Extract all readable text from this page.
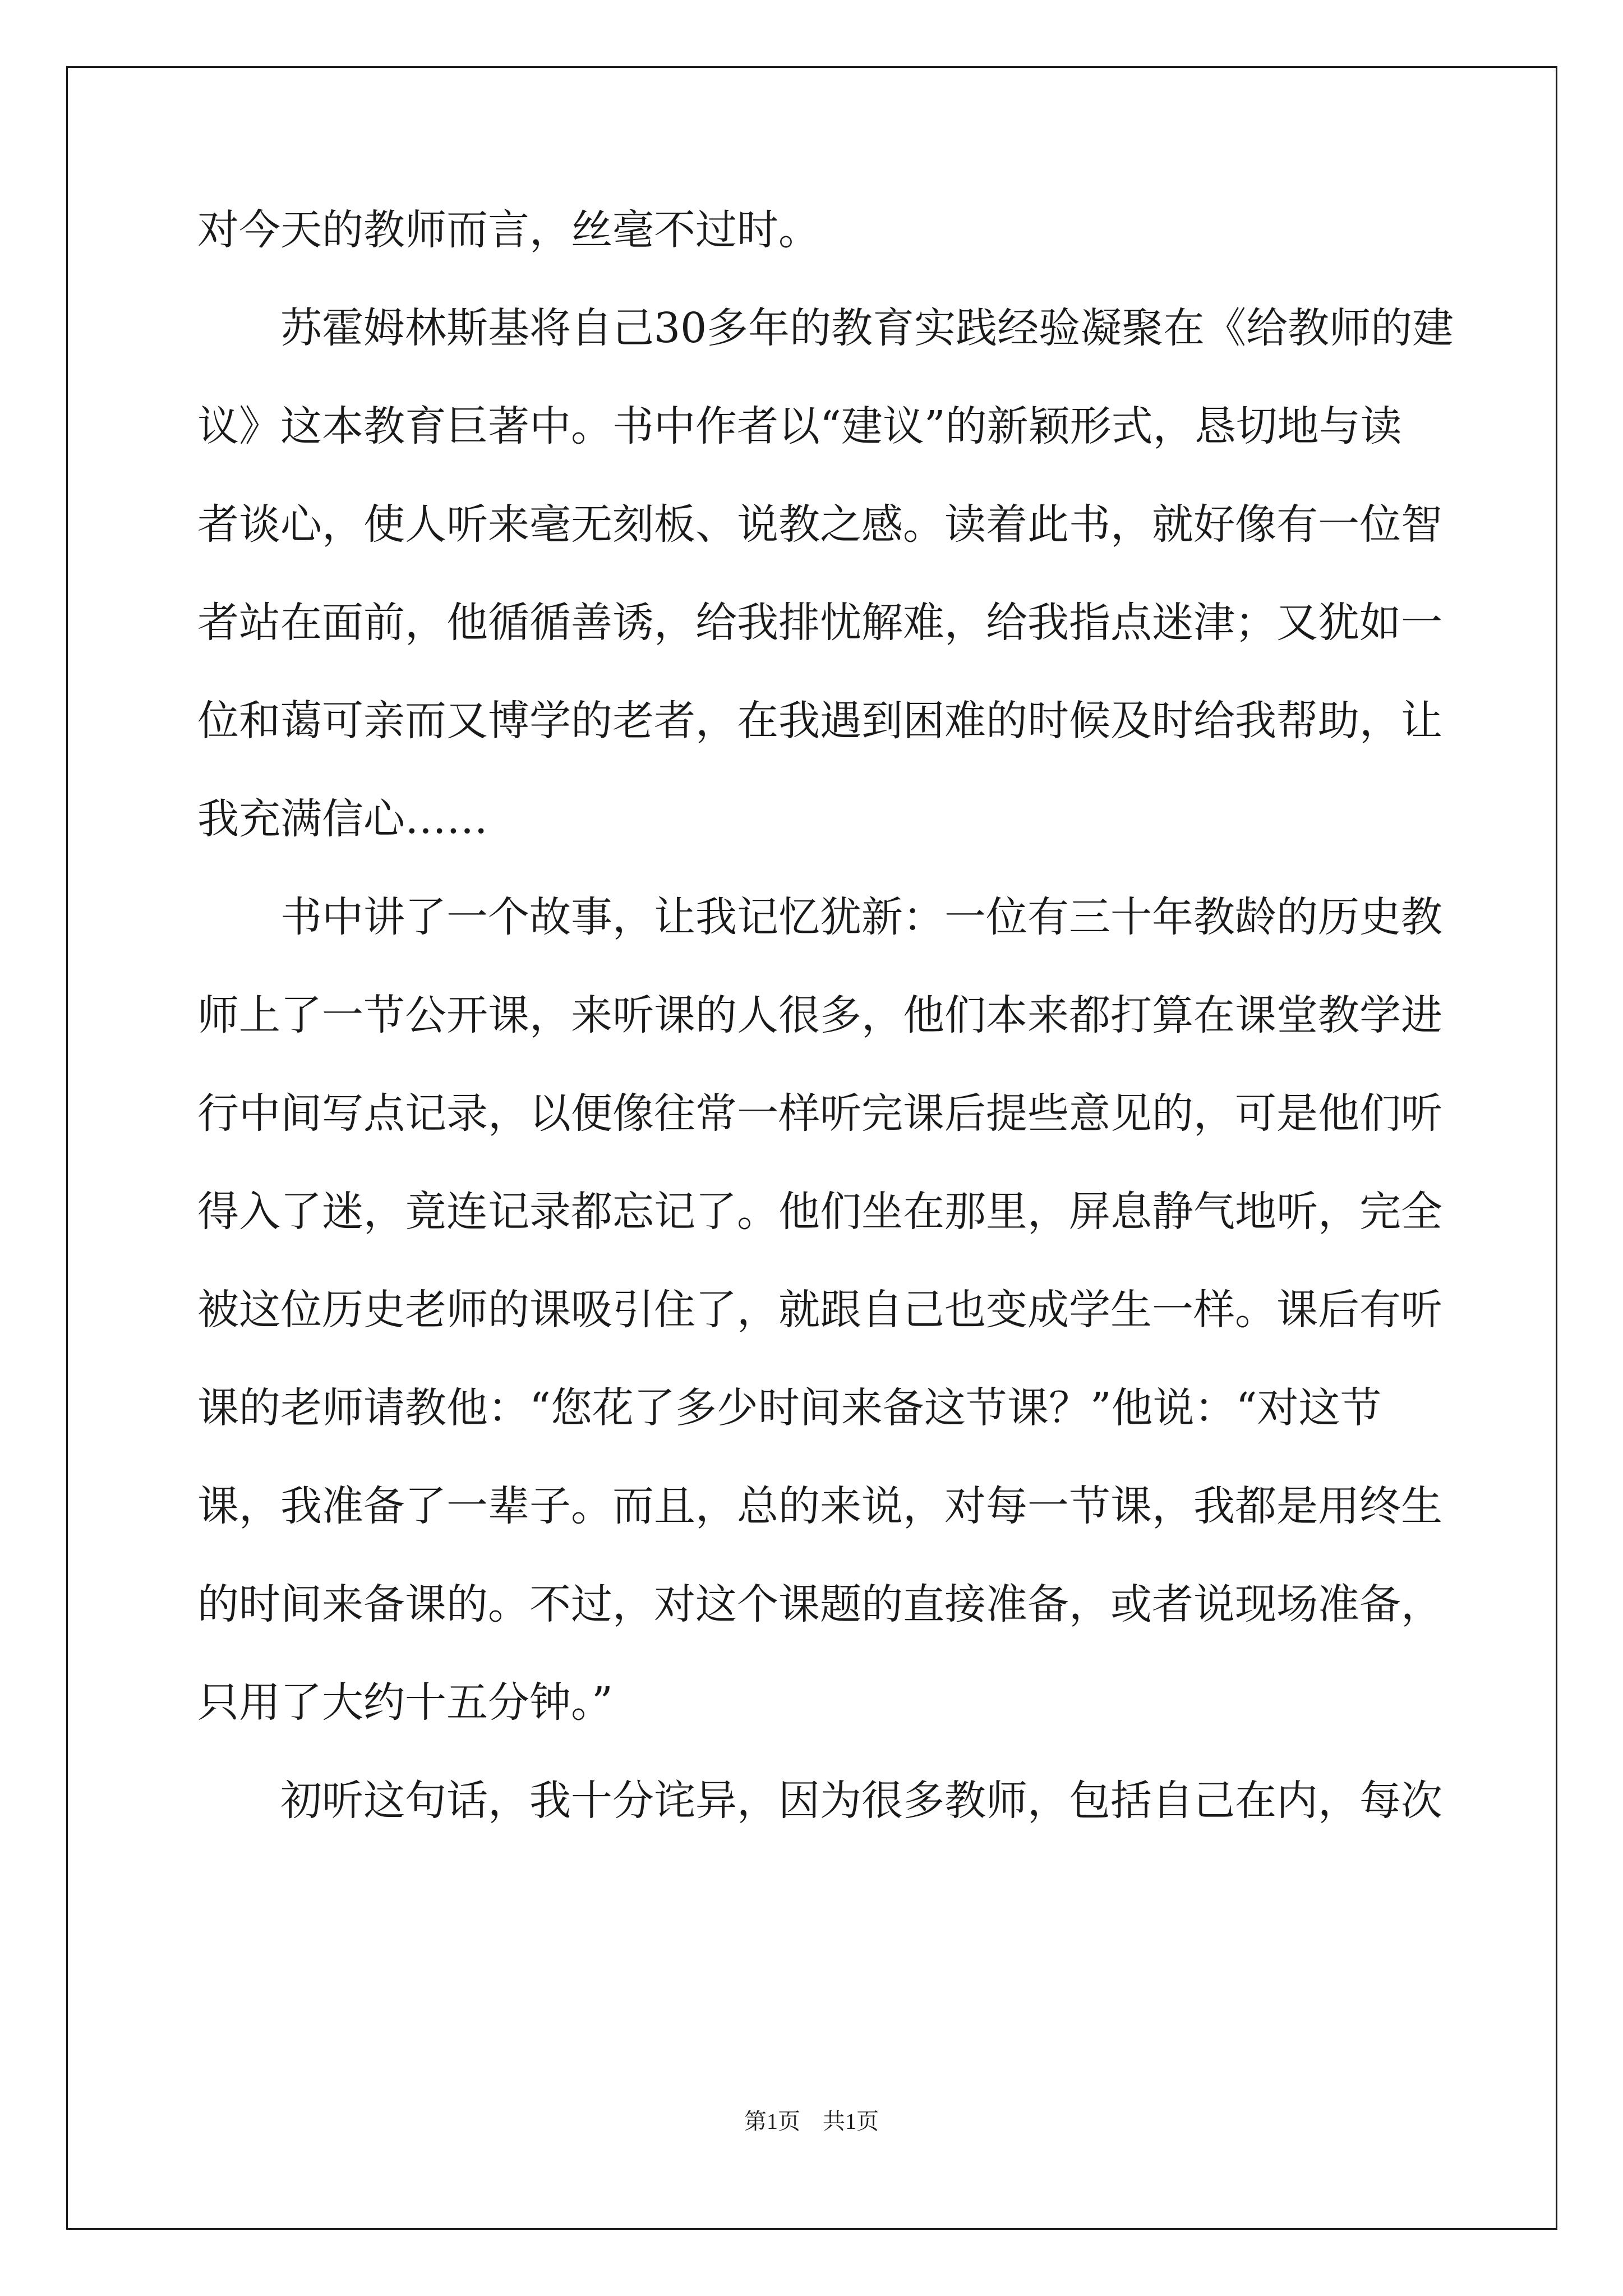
对今天的教师而言，丝毫不过时。
　　苏霍姆林斯基将自己30多年的教育实践经验凝聚在《给教师的建
议》这本教育巨著中。书中作者以“建议”的新颖形式，恳切地与读
者谈心，使人听来毫无刻板、说教之感。读着此书，就好像有一位智
者站在面前，他循循善诱，给我排忧解难，给我指点迷津；又犹如一
位和蔼可亲而又博学的老者，在我遇到困难的时候及时给我帮助，让
我充满信心……
　　书中讲了一个故事，让我记忆犹新：一位有三十年教龄的历史教
师上了一节公开课，来听课的人很多，他们本来都打算在课堂教学进
行中间写点记录，以便像往常一样听完课后提些意见的，可是他们听
得入了迷，竟连记录都忘记了。他们坐在那里，屏息静气地听，完全
被这位历史老师的课吸引住了，就跟自己也变成学生一样。课后有听
课的老师请教他：“您花了多少时间来备这节课？”他说：“对这节
课，我准备了一辈子。而且，总的来说，对每一节课，我都是用终生
的时间来备课的。不过，对这个课题的直接准备，或者说现场准备，
只用了大约十五分钟。”
　　初听这句话，我十分诧异，因为很多教师，包括自己在内，每次
第1页 共1页
